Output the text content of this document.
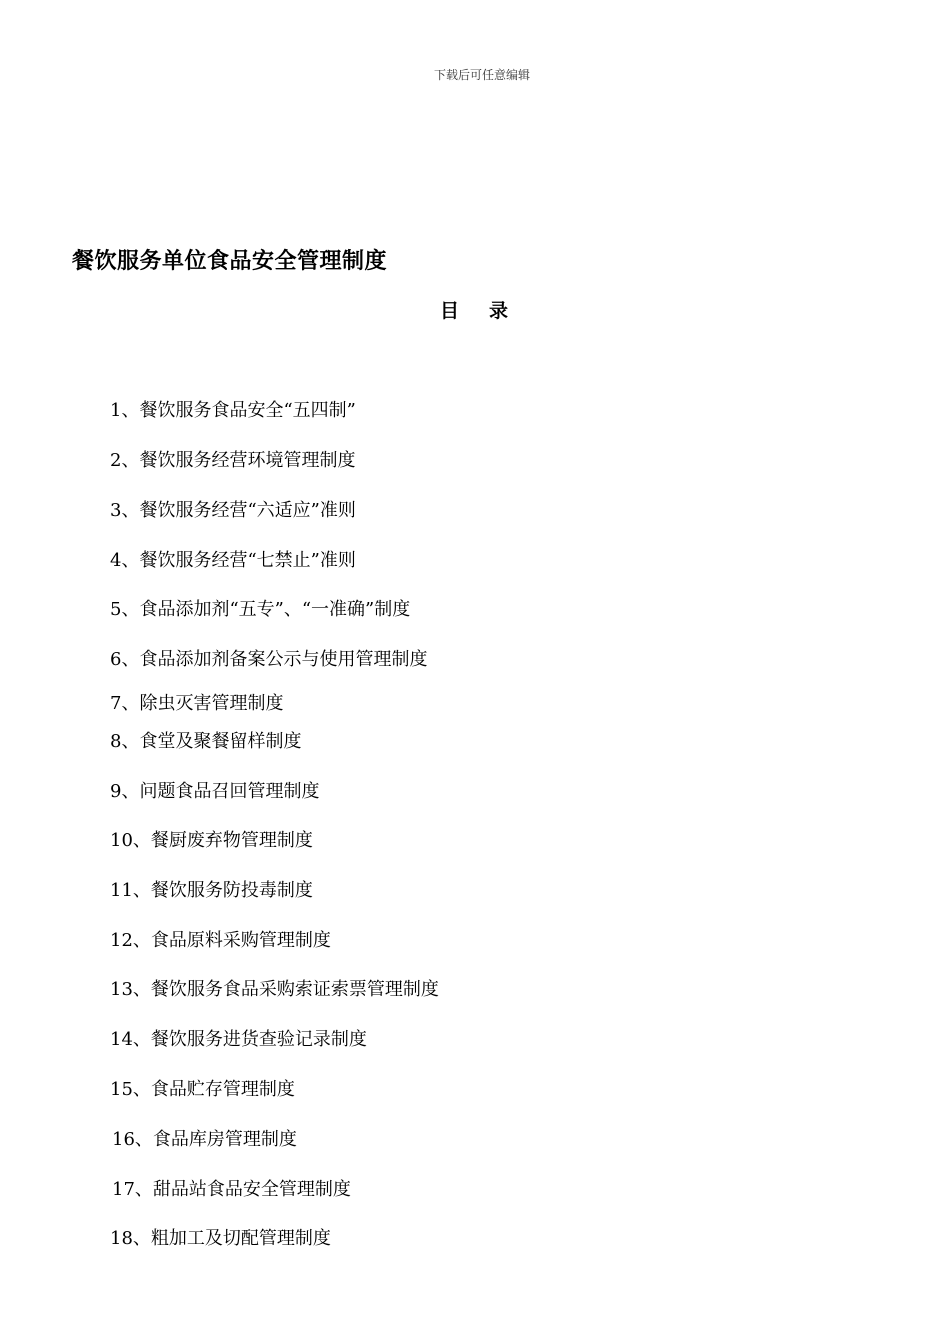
下载后可任意编辑
餐饮服务单位食品安全管理制度
目 录
1、餐饮服务食品安全“五四制”
2、餐饮服务经营环境管理制度
3、餐饮服务经营“六适应”准则
4、餐饮服务经营“七禁止”准则
5、食品添加剂“五专”、“一准确”制度
6、食品添加剂备案公示与使用管理制度
7、除虫灭害管理制度
8、食堂及聚餐留样制度
9、问题食品召回管理制度
10、餐厨废弃物管理制度
11、餐饮服务防投毒制度
12、食品原料采购管理制度
13、餐饮服务食品采购索证索票管理制度
14、餐饮服务进货查验记录制度
15、食品贮存管理制度
16、食品库房管理制度
17、甜品站食品安全管理制度
18、粗加工及切配管理制度
